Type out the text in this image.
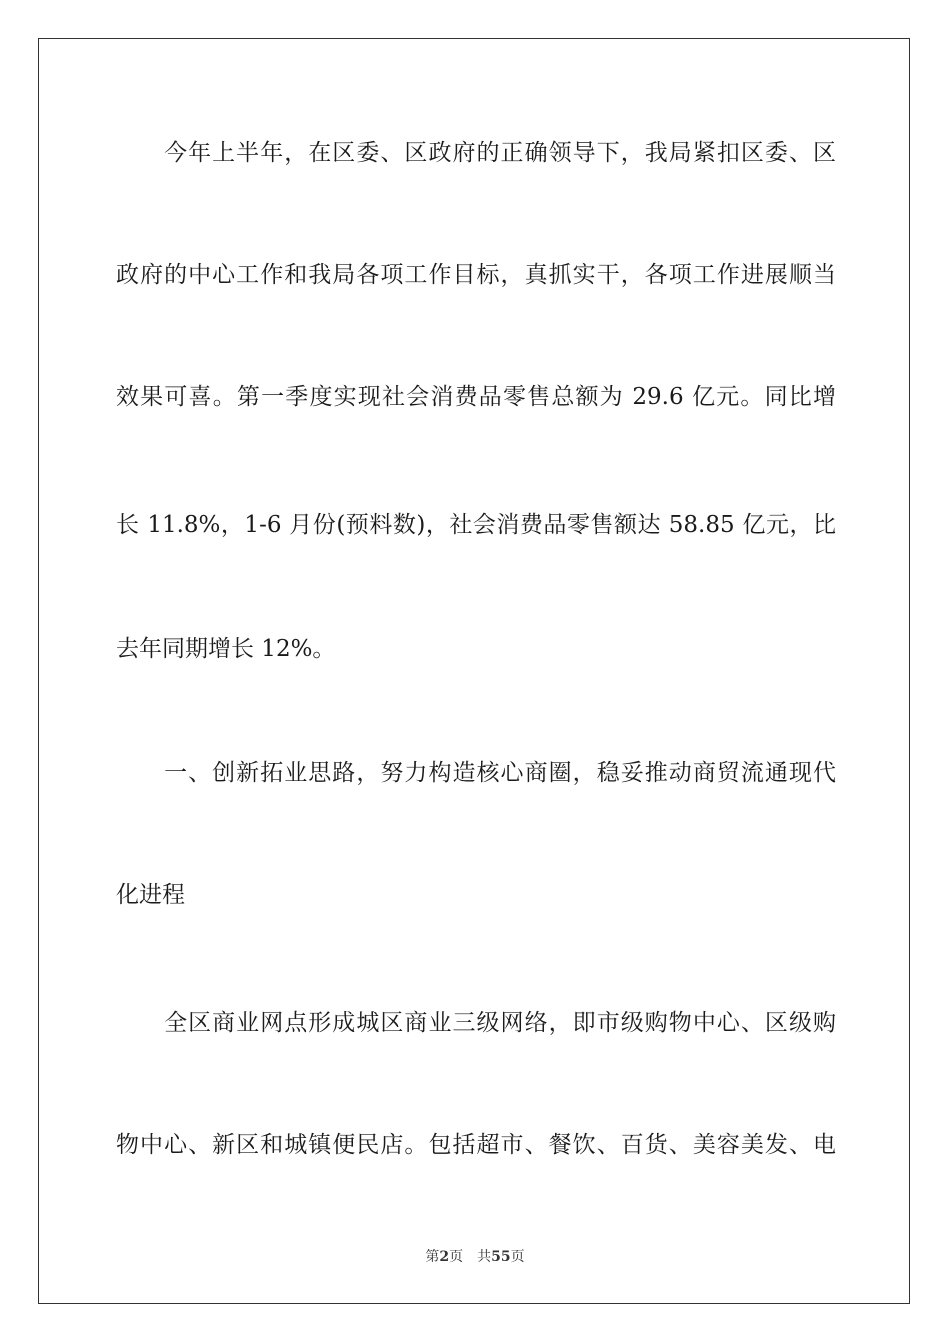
　　今年上半年，在区委、区政府的正确领导下，我局紧扣区委、区
政府的中心工作和我局各项工作目标，真抓实干，各项工作进展顺当
效果可喜。第一季度实现社会消费品零售总额为 29.6 亿元。同比增
长 11.8%，1-6 月份(预料数)，社会消费品零售额达 58.85 亿元，比
去年同期增长 12%。
　　一、创新拓业思路，努力构造核心商圈，稳妥推动商贸流通现代
化进程
　　全区商业网点形成城区商业三级网络，即市级购物中心、区级购
物中心、新区和城镇便民店。包括超市、餐饮、百货、美容美发、电
第2页 共55页
